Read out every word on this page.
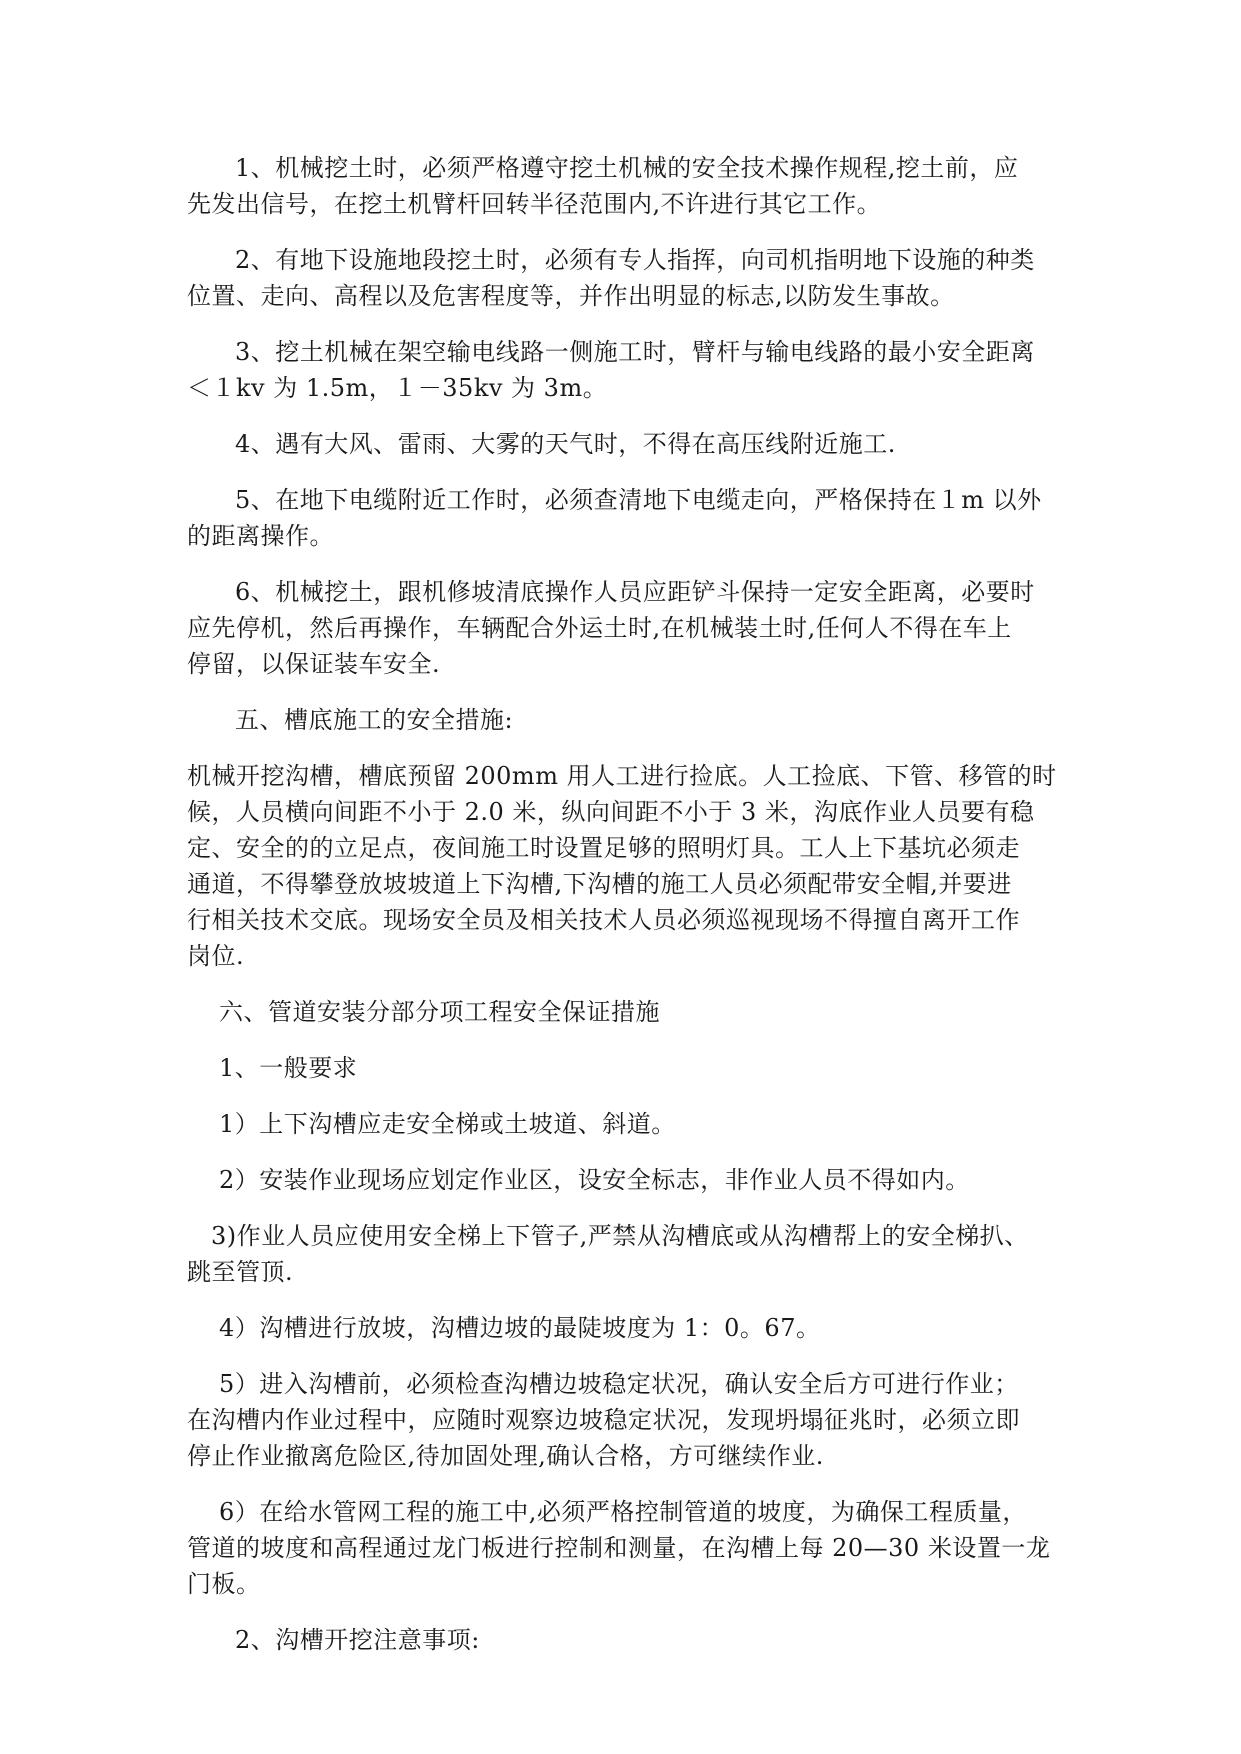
1、机械挖土时，必须严格遵守挖土机械的安全技术操作规程,挖土前，应
先发出信号，在挖土机臂杆回转半径范围内,不许进行其它工作。

2、有地下设施地段挖土时，必须有专人指挥，向司机指明地下设施的种类
位置、走向、高程以及危害程度等，并作出明显的标志,以防发生事故。

3、挖土机械在架空输电线路一侧施工时，臂杆与输电线路的最小安全距离
＜１kv 为 1.5m，１－35kv 为 3m。

4、遇有大风、雷雨、大雾的天气时，不得在高压线附近施工.

5、在地下电缆附近工作时，必须查清地下电缆走向，严格保持在１m 以外
的距离操作。

6、机械挖土，跟机修坡清底操作人员应距铲斗保持一定安全距离，必要时
应先停机，然后再操作，车辆配合外运土时,在机械装土时,任何人不得在车上
停留，以保证装车安全.

五、槽底施工的安全措施:

机械开挖沟槽，槽底预留 200mm 用人工进行捡底。人工捡底、下管、移管的时
候，人员横向间距不小于 2.0 米，纵向间距不小于 3 米，沟底作业人员要有稳
定、安全的的立足点，夜间施工时设置足够的照明灯具。工人上下基坑必须走
通道，不得攀登放坡坡道上下沟槽,下沟槽的施工人员必须配带安全帽,并要进
行相关技术交底。现场安全员及相关技术人员必须巡视现场不得擅自离开工作
岗位.

六、管道安装分部分项工程安全保证措施

1、一般要求

1）上下沟槽应走安全梯或土坡道、斜道。

2）安装作业现场应划定作业区，设安全标志，非作业人员不得如内。

3)作业人员应使用安全梯上下管子,严禁从沟槽底或从沟槽帮上的安全梯扒、
跳至管顶.

4）沟槽进行放坡，沟槽边坡的最陡坡度为 1：0。67。

5）进入沟槽前，必须检查沟槽边坡稳定状况，确认安全后方可进行作业；
在沟槽内作业过程中，应随时观察边坡稳定状况，发现坍塌征兆时，必须立即
停止作业撤离危险区,待加固处理,确认合格，方可继续作业.

6）在给水管网工程的施工中,必须严格控制管道的坡度，为确保工程质量，
管道的坡度和高程通过龙门板进行控制和测量，在沟槽上每 20—30 米设置一龙
门板。

2、沟槽开挖注意事项:
